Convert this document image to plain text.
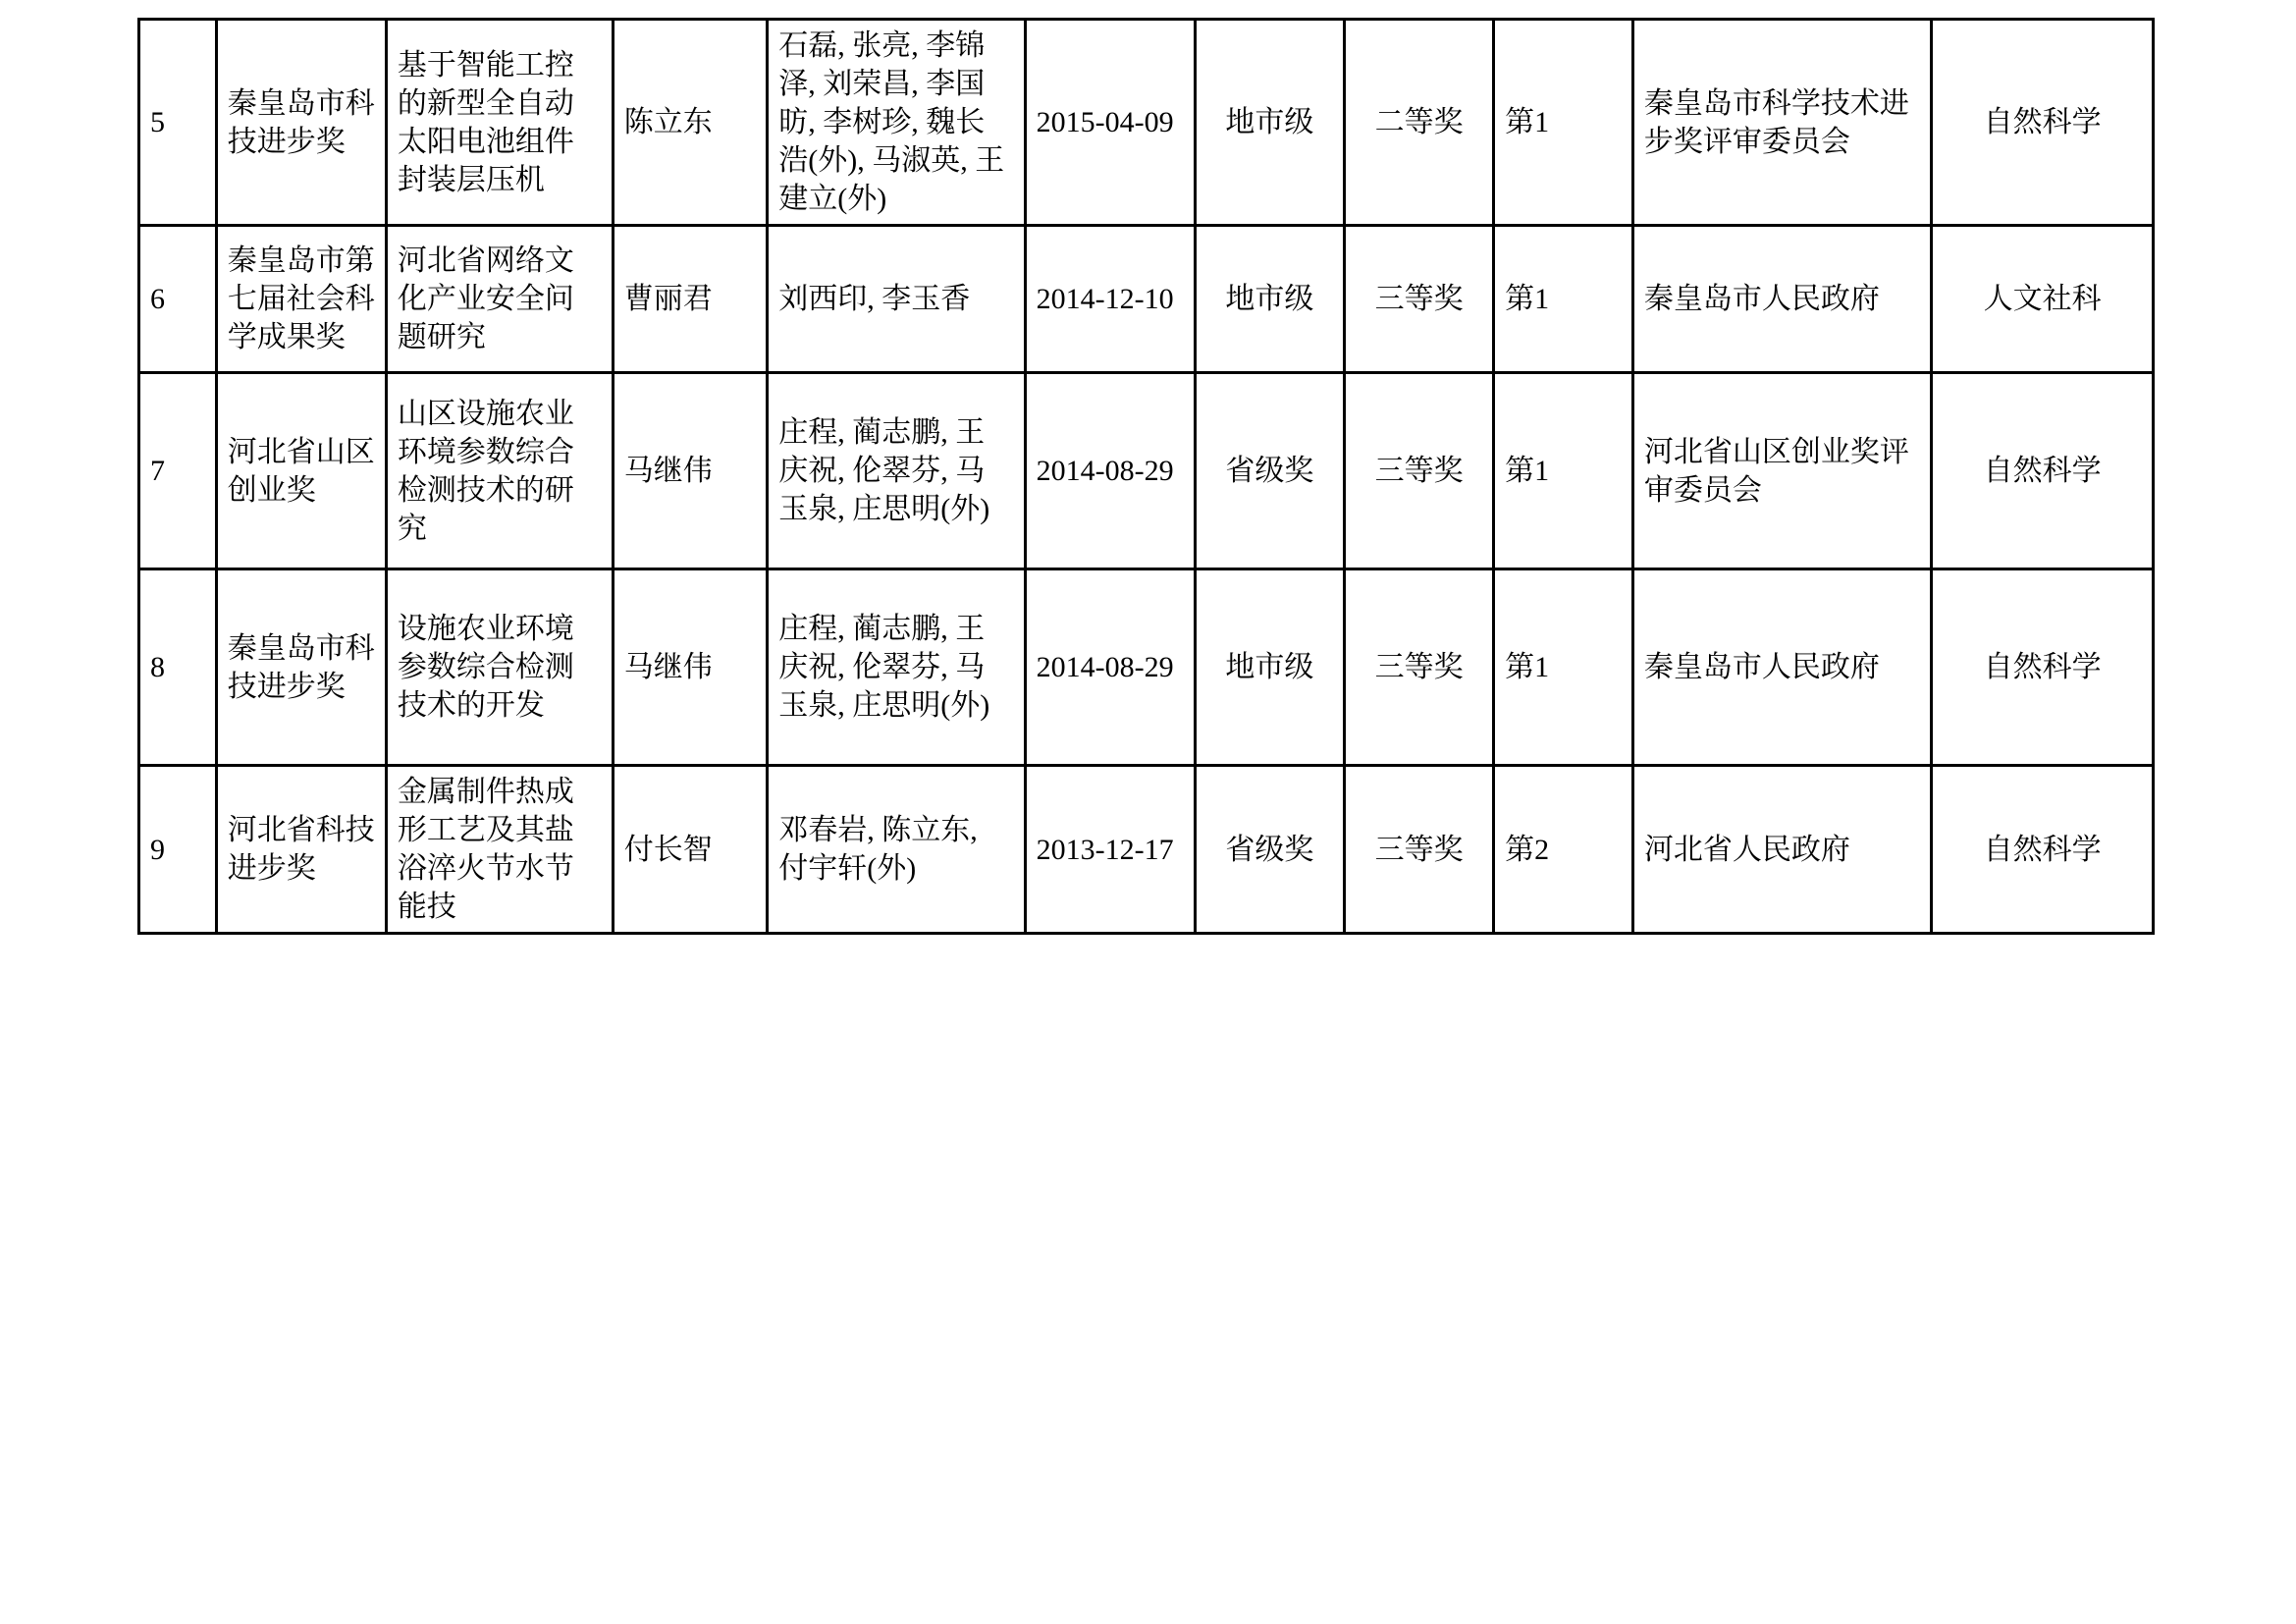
5	秦皇岛市科技进步奖	基于智能工控的新型全自动太阳电池组件封装层压机	陈立东	石磊, 张亮, 李锦泽, 刘荣昌, 李国昉, 李树珍, 魏长浩(外), 马淑英, 王建立(外)	2015-04-09	地市级	二等奖	第1	秦皇岛市科学技术进步奖评审委员会	自然科学
6	秦皇岛市第七届社会科学成果奖	河北省网络文化产业安全问题研究	曹丽君	刘西印, 李玉香	2014-12-10	地市级	三等奖	第1	秦皇岛市人民政府	人文社科
7	河北省山区创业奖	山区设施农业环境参数综合检测技术的研究	马继伟	庄程, 蔺志鹏, 王庆祝, 伦翠芬, 马玉泉, 庄思明(外)	2014-08-29	省级奖	三等奖	第1	河北省山区创业奖评审委员会	自然科学
8	秦皇岛市科技进步奖	设施农业环境参数综合检测技术的开发	马继伟	庄程, 蔺志鹏, 王庆祝, 伦翠芬, 马玉泉, 庄思明(外)	2014-08-29	地市级	三等奖	第1	秦皇岛市人民政府	自然科学
9	河北省科技进步奖	金属制件热成形工艺及其盐浴淬火节水节能技	付长智	邓春岩, 陈立东, 付宇轩(外)	2013-12-17	省级奖	三等奖	第2	河北省人民政府	自然科学
